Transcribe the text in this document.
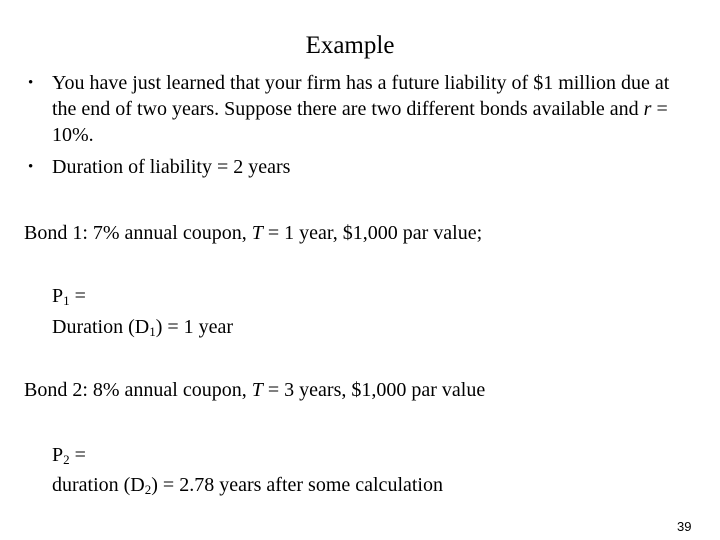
Example
• You have just learned that your firm has a future liability of $1 million due at the end of two years. Suppose there are two different bonds available and r = 10%.
• Duration of liability = 2 years
Bond 1: 7% annual coupon, T = 1 year, $1,000 par value;
$P_1$ =
Duration $(D_1) = 1$ year
Bond 2: 8% annual coupon, T = 3 years, $1,000 par value
$P_2$ =
duration $(D_2) = 2.78$ years after some calculation
39
